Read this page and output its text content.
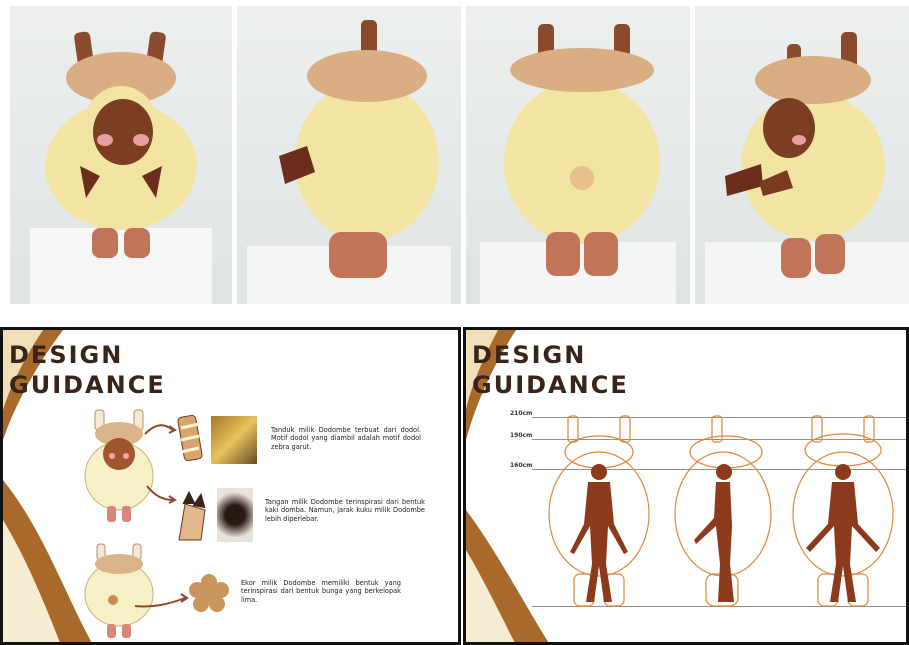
DESIGN
GUIDANCE
Tanduk milik Dodombe terbuat dari dodol. Motif dodol yang diambil adalah motif dodol zebra garut.
Tangan milik Dodombe terinspirasi dari bentuk kaki domba. Namun, jarak kuku milik Dodombe lebih diperlebar.
Ekor milik Dodombe memiliki bentuk yang terinspirasi dari bentuk bunga yang berkelopak lima.
DESIGN
GUIDANCE
210cm
190cm
160cm
